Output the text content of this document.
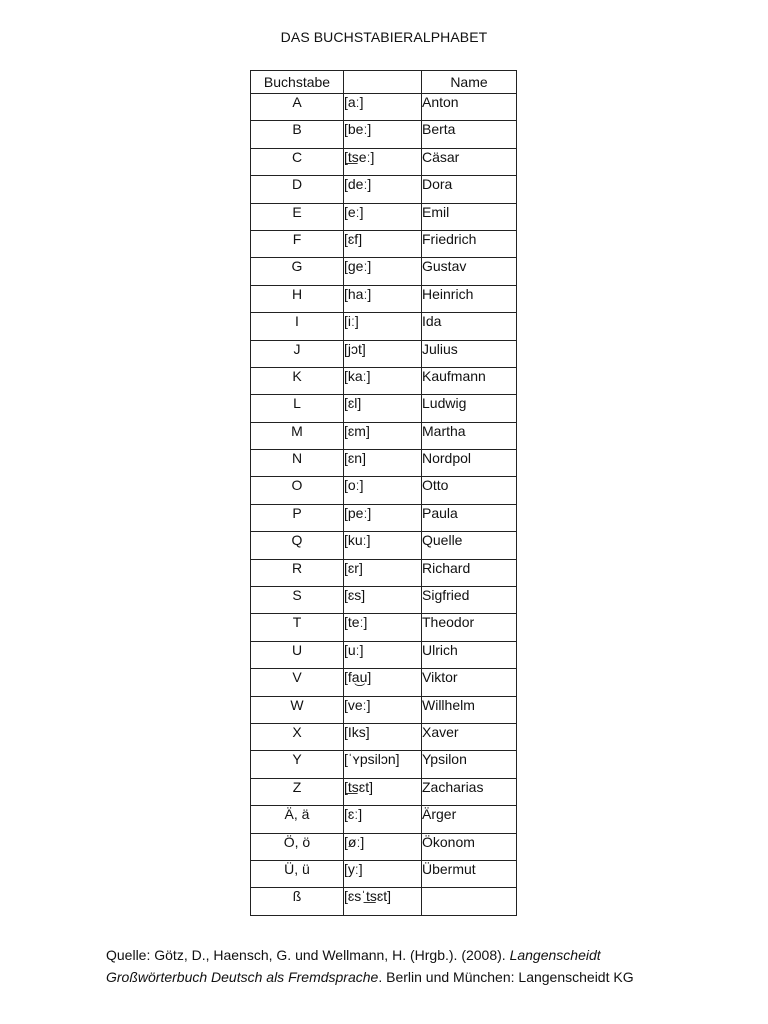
DAS BUCHSTABIERALPHABET
Buchstabe		Name
A	[aː]	Anton
B	[beː]	Berta
C	[t͟seː]	Cäsar
D	[deː]	Dora
E	[eː]	Emil
F	[ɛf]	Friedrich
G	[geː]	Gustav
H	[haː]	Heinrich
I	[iː]	Ida
J	[jɔt]	Julius
K	[kaː]	Kaufmann
L	[ɛl]	Ludwig
M	[ɛm]	Martha
N	[ɛn]	Nordpol
O	[oː]	Otto
P	[peː]	Paula
Q	[kuː]	Quelle
R	[ɛr]	Richard
S	[ɛs]	Sigfried
T	[teː]	Theodor
U	[uː]	Ulrich
V	[fa͜u]	Viktor
W	[veː]	Willhelm
X	[Iks]	Xaver
Y	[ˈʏpsilɔn]	Ypsilon
Z	[t͟sɛt]	Zacharias
Ä, ä	[ɛː]	Ärger
Ö, ö	[øː]	Ökonom
Ü, ü	[yː]	Übermut
ß	[ɛsˈt͟sɛt]	
Quelle: Götz, D., Haensch, G. und Wellmann, H. (Hrgb.). (2008). Langenscheidt Großwörterbuch Deutsch als Fremdsprache. Berlin und München: Langenscheidt KG
